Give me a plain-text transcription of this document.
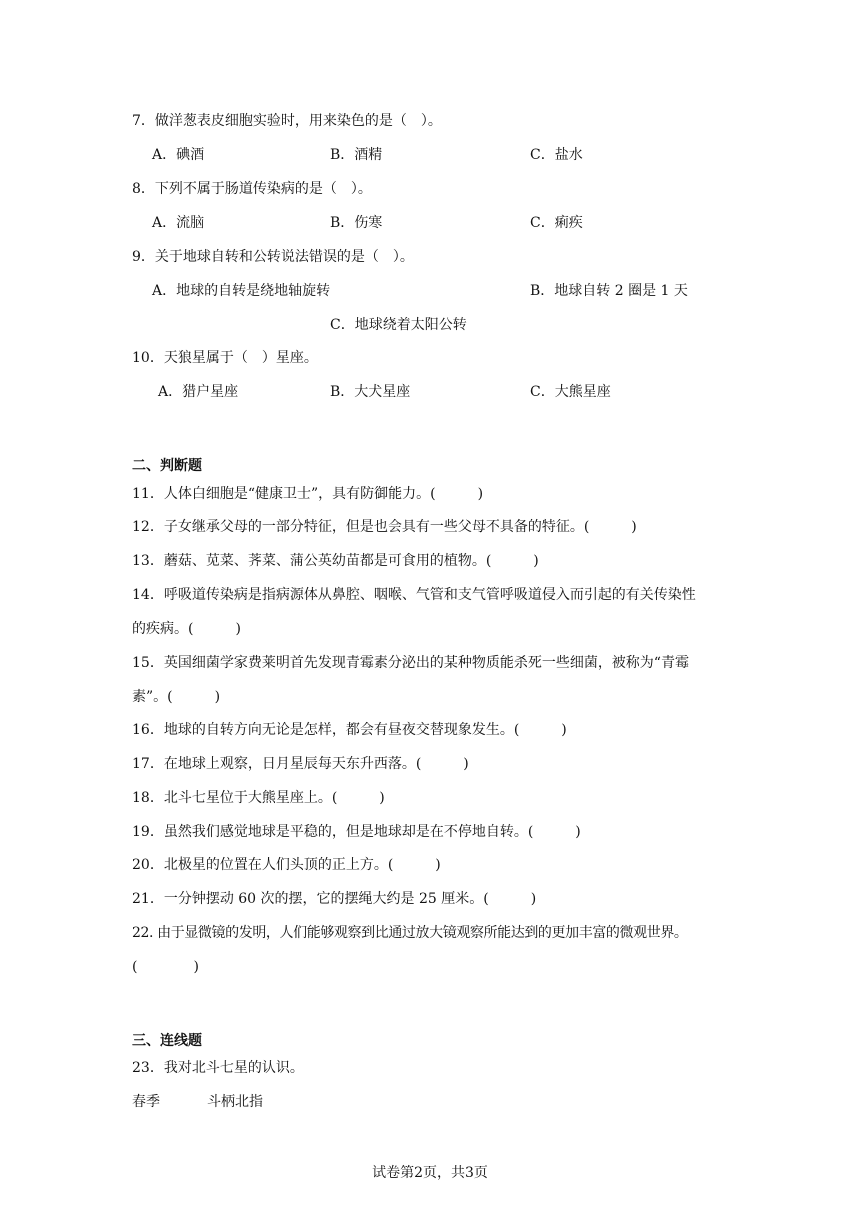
7．做洋葱表皮细胞实验时，用来染色的是（　）。
A．碘酒	B．酒精	C．盐水
8．下列不属于肠道传染病的是（　）。
A．流脑	B．伤寒	C．痢疾
9．关于地球自转和公转说法错误的是（　）。
A．地球的自转是绕地轴旋转	B．地球自转 2 圈是 1 天
C．地球绕着太阳公转
10．天狼星属于（　）星座。
A．猎户星座	B．大犬星座	C．大熊星座
二、判断题
11．人体白细胞是“健康卫士”，具有防御能力。(　　　)
12．子女继承父母的一部分特征，但是也会具有一些父母不具备的特征。(　　　)
13．蘑菇、苋菜、荠菜、蒲公英幼苗都是可食用的植物。(　　　)
14．呼吸道传染病是指病源体从鼻腔、咽喉、气管和支气管呼吸道侵入而引起的有关传染性
的疾病。(　　　)
15．英国细菌学家费莱明首先发现青霉素分泌出的某种物质能杀死一些细菌，被称为“青霉
素”。(　　　)
16．地球的自转方向无论是怎样，都会有昼夜交替现象发生。(　　　)
17．在地球上观察，日月星辰每天东升西落。(　　　)
18．北斗七星位于大熊星座上。(　　　)
19．虽然我们感觉地球是平稳的，但是地球却是在不停地自转。(　　　)
20．北极星的位置在人们头顶的正上方。(　　　)
21．一分钟摆动 60 次的摆，它的摆绳大约是 25 厘米。(　　　)
22. 由于显微镜的发明，人们能够观察到比通过放大镜观察所能达到的更加丰富的微观世界。
(　　　　)
三、连线题
23．我对北斗七星的认识。
春季	斗柄北指
试卷第2页，共3页
